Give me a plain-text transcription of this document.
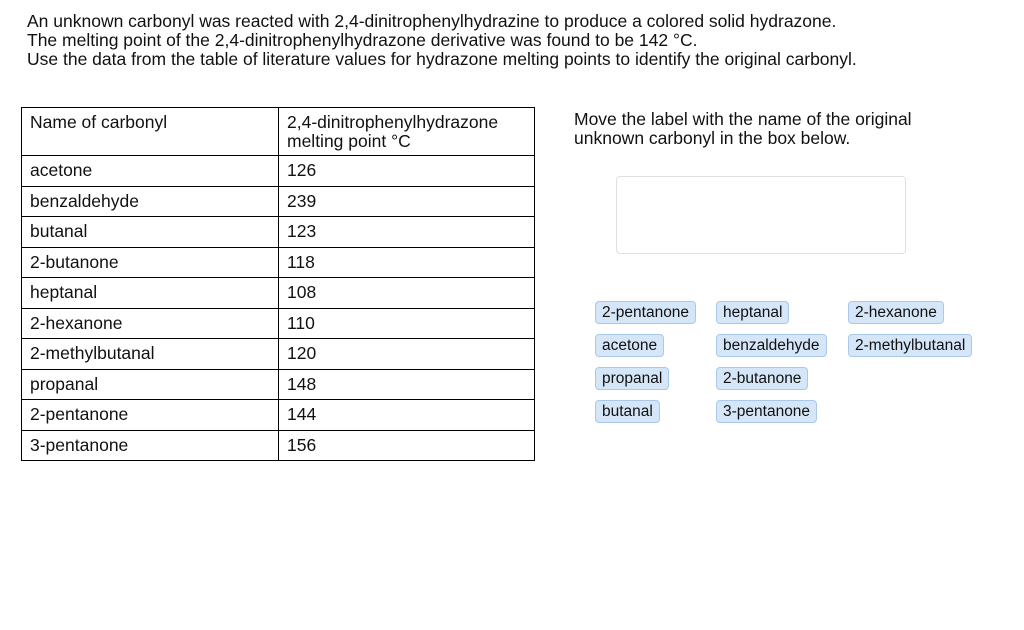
An unknown carbonyl was reacted with 2,4-dinitrophenylhydrazine to produce a colored solid hydrazone.

The melting point of the 2,4-dinitrophenylhydrazone derivative was found to be 142 °C.

Use the data from the table of literature values for hydrazone melting points to identify the original carbonyl.

Name of carbonyl	2,4-dinitrophenylhydrazone
melting point °C

acetone	126
benzaldehyde	239
butanal	123
2-butanone	118
heptanal	108
2-hexanone	110
2-methylbutanal	120
propanal	148
2-pentanone	144
3-pentanone	156

Move the label with the name of the original

unknown carbonyl in the box below.

2-pentanone
acetone
propanal
butanal
heptanal
benzaldehyde
2-butanone
3-pentanone
2-hexanone
2-methylbutanal
